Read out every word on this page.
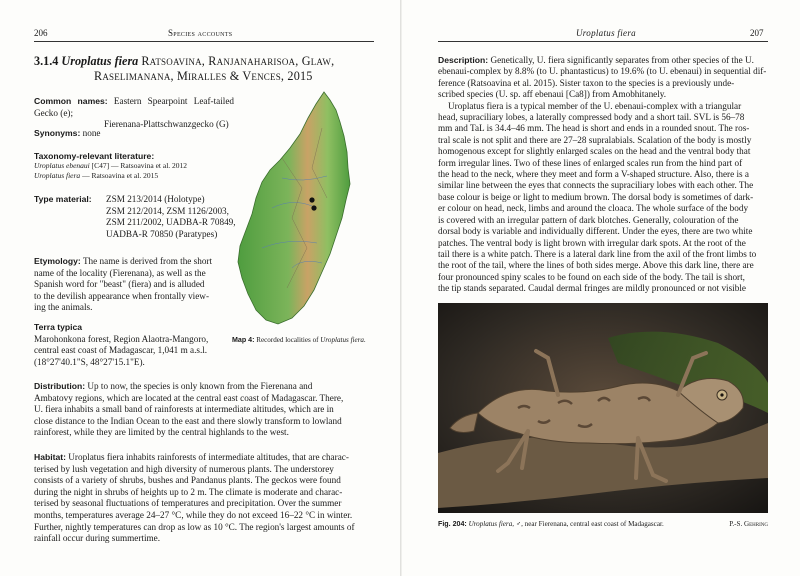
206	Species accounts
3.1.4 Uroplatus fiera Ratsoavina, Ranjanaharisoa, Glaw,
Raselimanana, Miralles & Vences, 2015
Common names: Eastern Spearpoint Leaf-tailed Gecko (e);
Fierenana-Plattschwanzgecko (G)
Synonyms: none
Taxonomy-relevant literature:
Uroplatus ebenaui [C47] — Ratsoavina et al. 2012
Uroplatus fiera — Ratsoavina et al. 2015
Type material: ZSM 213/2014 (Holotype)
ZSM 212/2014, ZSM 1126/2003,
ZSM 211/2002, UADBA-R 70849,
UADBA-R 70850 (Paratypes)
Etymology: The name is derived from the short
name of the locality (Fierenana), as well as the
Spanish word for "beast" (fiera) and is alluded
to the devilish appearance when frontally view-
ing the animals.
Terra typica
Marohonkona forest, Region Alaotra-Mangoro,
central east coast of Madagascar, 1,041 m a.s.l.
(18°27'40.1"S, 48°27'15.1"E).
Map 4: Recorded localities of Uroplatus fiera.
Distribution: Up to now, the species is only known from the Fierenana and
Ambatovy regions, which are located at the central east coast of Madagascar. There,
U. fiera inhabits a small band of rainforests at intermediate altitudes, which are in
close distance to the Indian Ocean to the east and there slowly transform to lowland
rainforest, while they are limited by the central highlands to the west.
Habitat: Uroplatus fiera inhabits rainforests of intermediate altitudes, that are charac-
terised by lush vegetation and high diversity of numerous plants. The understorey
consists of a variety of shrubs, bushes and Pandanus plants. The geckos were found
during the night in shrubs of heights up to 2 m. The climate is moderate and charac-
terised by seasonal fluctuations of temperatures and precipitation. Over the summer
months, temperatures average 24–27 °C, while they do not exceed 16–22 °C in winter.
Further, nightly temperatures can drop as low as 10 °C. The region's largest amounts of
rainfall occur during summertime.
Uroplatus fiera	207
Description: Genetically, U. fiera significantly separates from other species of the U.
ebenaui-complex by 8.8% (to U. phantasticus) to 19.6% (to U. ebenaui) in sequential dif-
ference (Ratsoavina et al. 2015). Sister taxon to the species is a previously unde-
scribed species (U. sp. aff ebenaui [Ca8]) from Amobhitanely.
Uroplatus fiera is a typical member of the U. ebenaui-complex with a triangular
head, supraciliary lobes, a laterally compressed body and a short tail. SVL is 56–78
mm and TaL is 34.4–46 mm. The head is short and ends in a rounded snout. The ros-
tral scale is not split and there are 27–28 supralabials. Scalation of the body is mostly
homogenous except for slightly enlarged scales on the head and the ventral body that
form irregular lines. Two of these lines of enlarged scales run from the hind part of
the head to the neck, where they meet and form a V-shaped structure. Also, there is a
similar line between the eyes that connects the supraciliary lobes with each other. The
base colour is beige or light to medium brown. The dorsal body is sometimes of dark-
er colour on head, neck, limbs and around the cloaca. The whole surface of the body
is covered with an irregular pattern of dark blotches. Generally, colouration of the
dorsal body is variable and individually different. Under the eyes, there are two white
patches. The ventral body is light brown with irregular dark spots. At the root of the
tail there is a white patch. There is a lateral dark line from the axil of the front limbs to
the root of the tail, where the lines of both sides merge. Above this dark line, there are
four pronounced spiny scales to be found on each side of the body. The tail is short,
the tip stands separated. Caudal dermal fringes are mildly pronounced or not visible
Fig. 204: Uroplatus fiera, ♂, near Fierenana, central east coast of Madagascar.	P.-S. Gehring
